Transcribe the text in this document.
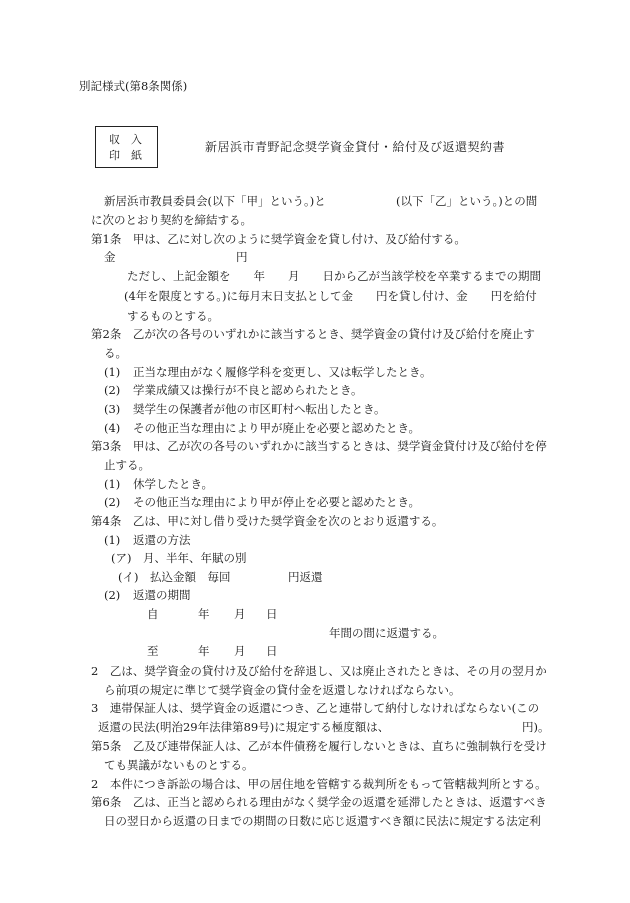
別記様式(第8条関係)
収　入
印　紙
新居浜市青野記念奨学資金貸付・給付及び返還契約書
新居浜市教員委員会(以下「甲」という。)と	(以下「乙」という。)との間
に次のとおり契約を締結する。
第1条　甲は、乙に対し次のように奨学資金を貸し付け、及び給付する。
金	円
ただし、上記金額を　　年　　月　　日から乙が当該学校を卒業するまでの期間
(4年を限度とする。)に毎月末日支払として金　　円を貸し付け、金　　円を給付
するものとする。
第2条　乙が次の各号のいずれかに該当するとき、奨学資金の貸付け及び給付を廃止す
る。
(1) 正当な理由がなく履修学科を変更し、又は転学したとき。
(2) 学業成績又は操行が不良と認められたとき。
(3) 奨学生の保護者が他の市区町村へ転出したとき。
(4) その他正当な理由により甲が廃止を必要と認めたとき。
第3条　甲は、乙が次の各号のいずれかに該当するときは、奨学資金貸付け及び給付を停
止する。
(1) 休学したとき。
(2) その他正当な理由により甲が停止を必要と認めたとき。
第4条　乙は、甲に対し借り受けた奨学資金を次のとおり返還する。
(1) 返還の方法
(ア)　月、半年、年賦の別
(イ)　払込金額　毎回　　　　　円返還
(2) 返還の期間
自	年 月 日
年間の間に返還する。
至	年 月 日
2　乙は、奨学資金の貸付け及び給付を辞退し、又は廃止されたときは、その月の翌月か
ら前項の規定に準じて奨学資金の貸付金を返還しなければならない。
3　連帯保証人は、奨学資金の返還につき、乙と連帯して納付しなければならない(この
返還の民法(明治29年法律第89号)に規定する極度額は、	円)。
第5条　乙及び連帯保証人は、乙が本件債務を履行しないときは、直ちに強制執行を受け
ても異議がないものとする。
2　本件につき訴訟の場合は、甲の居住地を管轄する裁判所をもって管轄裁判所とする。
第6条　乙は、正当と認められる理由がなく奨学金の返還を延滞したときは、返還すべき
日の翌日から返還の日までの期間の日数に応じ返還すべき額に民法に規定する法定利
